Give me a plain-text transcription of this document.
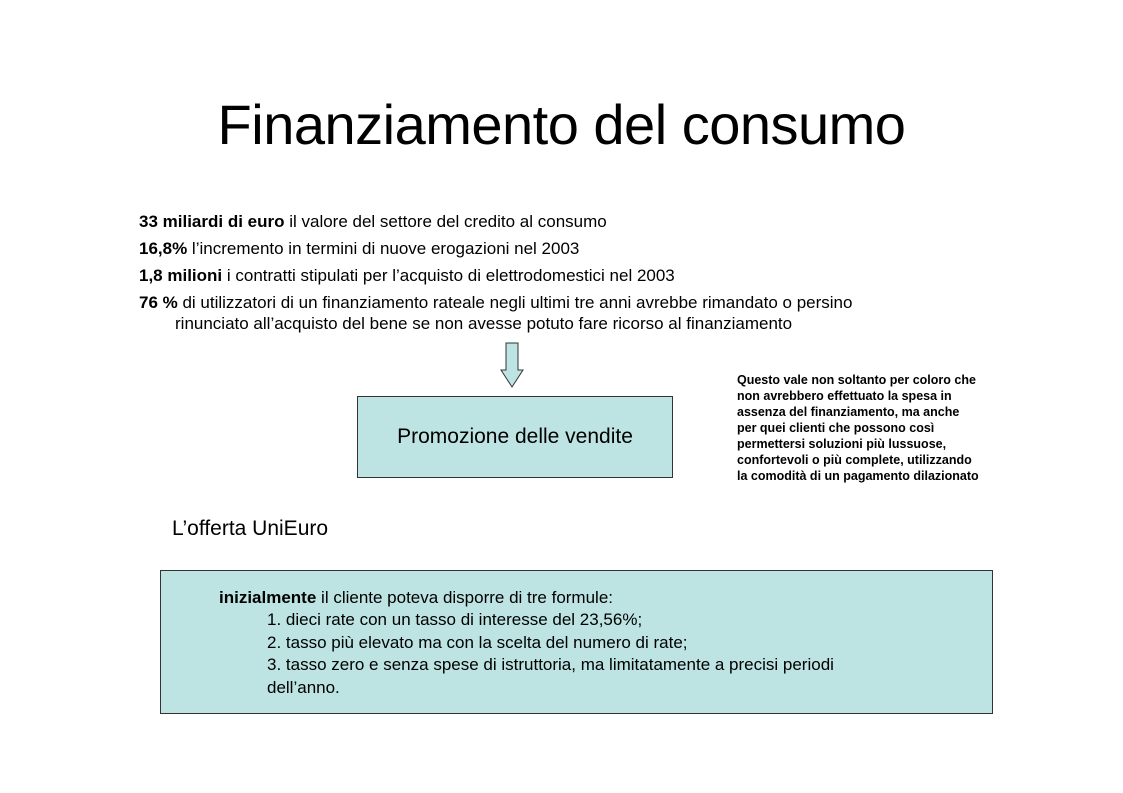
Finanziamento del consumo

33 miliardi di euro il valore del settore del credito al consumo

16,8% l’incremento in termini di nuove erogazioni nel 2003

1,8 milioni i contratti stipulati per l’acquisto di elettrodomestici nel 2003

76 % di utilizzatori di un finanziamento rateale negli ultimi tre anni avrebbe rimandato o persino

rinunciato all’acquisto del bene se non avesse potuto fare ricorso al finanziamento

Promozione delle vendite
Questo vale non soltanto per coloro che non avrebbero effettuato la spesa in assenza del finanziamento, ma anche per quei clienti che possono così permettersi soluzioni più lussuose, confortevoli o più complete, utilizzando la comodità di un pagamento dilazionato
L’offerta UniEuro
inizialmente il cliente poteva disporre di tre formule:
1. dieci rate con un tasso di interesse del 23,56%;
2. tasso più elevato ma con la scelta del numero di rate;
3. tasso zero e senza spese di istruttoria, ma limitatamente a precisi periodi dell’anno.
